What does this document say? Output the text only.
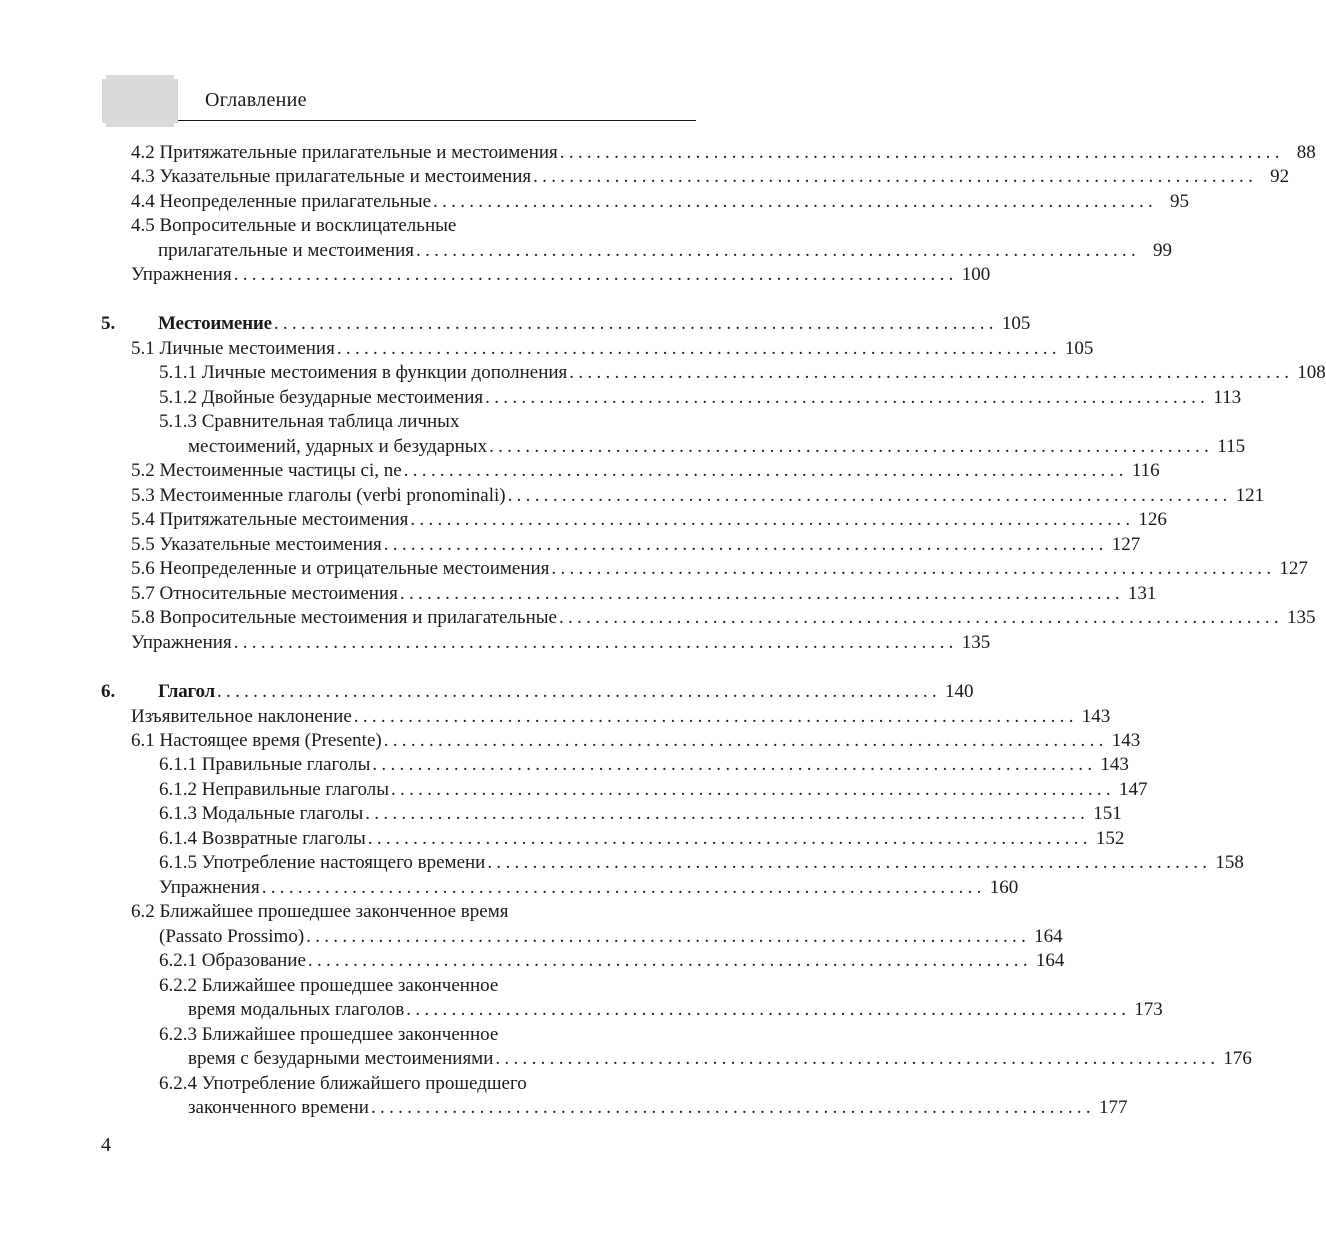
Оглавление
4.2 Притяжательные прилагательные и местоимения ................................................................................ 88
4.3 Указательные прилагательные и местоимения ................................................................................ 92
4.4 Неопределенные прилагательные ................................................................................ 95
4.5 Вопросительные и восклицательные
прилагательные и местоимения ................................................................................ 99
Упражнения ................................................................................ 100
5. Местоимение ................................................................................ 105
5.1 Личные местоимения ................................................................................ 105
5.1.1 Личные местоимения в функции дополнения ................................................................................ 108
5.1.2 Двойные безударные местоимения ................................................................................ 113
5.1.3 Сравнительная таблица личных
местоимений, ударных и безударных ................................................................................ 115
5.2 Местоименные частицы ci, ne ................................................................................ 116
5.3 Местоименные глаголы (verbi pronominali) ................................................................................ 121
5.4 Притяжательные местоимения ................................................................................ 126
5.5 Указательные местоимения ................................................................................ 127
5.6 Неопределенные и отрицательные местоимения ................................................................................ 127
5.7 Относительные местоимения ................................................................................ 131
5.8 Вопросительные местоимения и прилагательные ................................................................................ 135
Упражнения ................................................................................ 135
6. Глагол ................................................................................ 140
Изъявительное наклонение ................................................................................ 143
6.1 Настоящее время (Presente) ................................................................................ 143
6.1.1 Правильные глаголы ................................................................................ 143
6.1.2 Неправильные глаголы ................................................................................ 147
6.1.3 Модальные глаголы ................................................................................ 151
6.1.4 Возвратные глаголы ................................................................................ 152
6.1.5 Употребление настоящего времени ................................................................................ 158
Упражнения ................................................................................ 160
6.2 Ближайшее прошедшее законченное время
(Passato Prossimo) ................................................................................ 164
6.2.1 Образование ................................................................................ 164
6.2.2 Ближайшее прошедшее законченное
время модальных глаголов ................................................................................ 173
6.2.3 Ближайшее прошедшее законченное
время с безударными местоимениями ................................................................................ 176
6.2.4 Употребление ближайшего прошедшего
законченного времени ................................................................................ 177
4
